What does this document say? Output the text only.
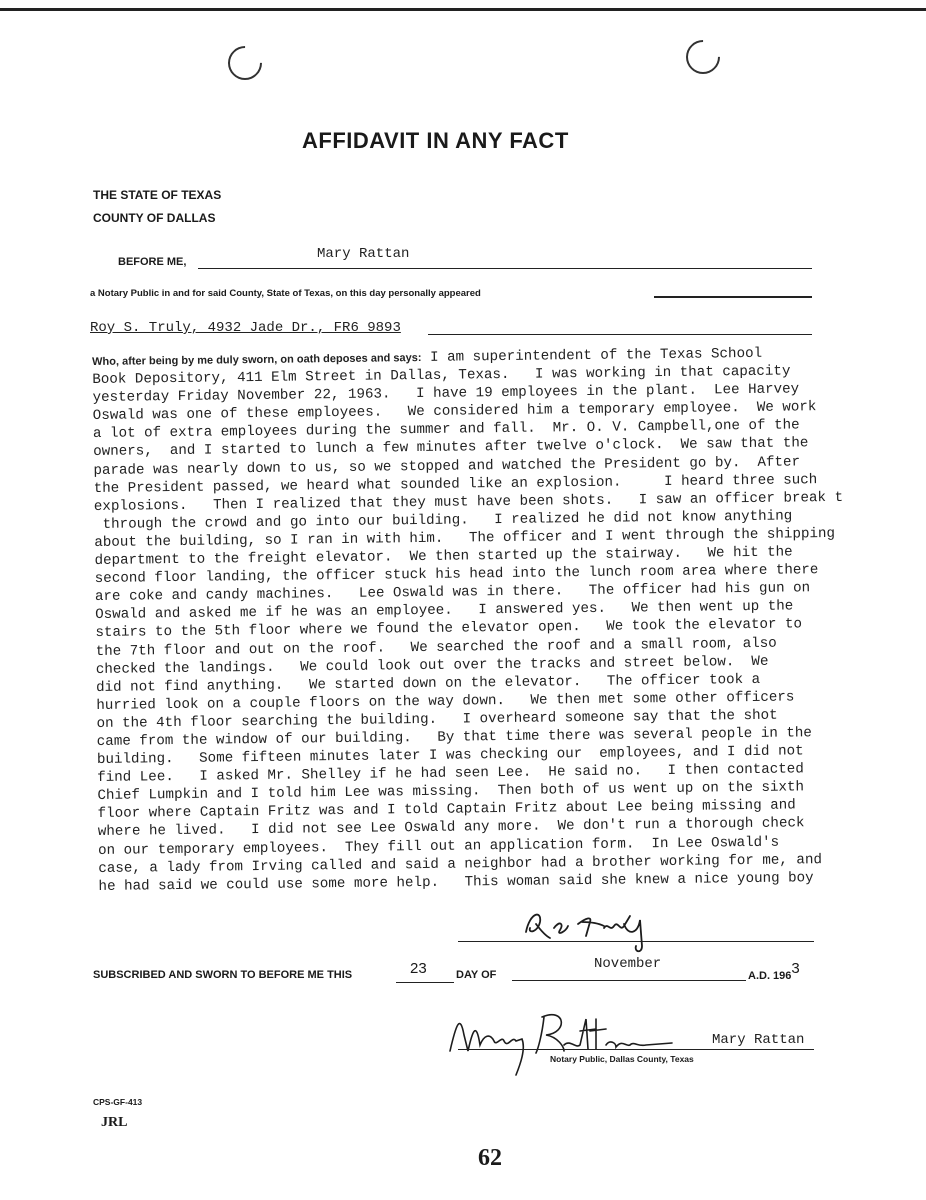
AFFIDAVIT IN ANY FACT
THE STATE OF TEXAS
COUNTY OF DALLAS
BEFORE ME,	Mary Rattan
a Notary Public in and for said County, State of Texas, on this day personally appeared
Roy S. Truly, 4932 Jade Dr., FR6 9893
Who, after being by me duly sworn, on oath deposes and says: I am superintendent of the Texas School
Book Depository, 411 Elm Street in Dallas, Texas.   I was working in that capacity
yesterday Friday November 22, 1963.   I have 19 employees in the plant.  Lee Harvey
Oswald was one of these employees.   We considered him a temporary employee.  We work
a lot of extra employees during the summer and fall.  Mr. O. V. Campbell,one of the
owners,  and I started to lunch a few minutes after twelve o'clock.  We saw that the
parade was nearly down to us, so we stopped and watched the President go by.  After
the President passed, we heard what sounded like an explosion.     I heard three such
explosions.   Then I realized that they must have been shots.   I saw an officer break t
through the crowd and go into our building.   I realized he did not know anything
about the building, so I ran in with him.   The officer and I went through the shipping
department to the freight elevator.  We then started up the stairway.   We hit the
second floor landing, the officer stuck his head into the lunch room area where there
are coke and candy machines.   Lee Oswald was in there.   The officer had his gun on
Oswald and asked me if he was an employee.   I answered yes.   We then went up the
stairs to the 5th floor where we found the elevator open.   We took the elevator to
the 7th floor and out on the roof.   We searched the roof and a small room, also
checked the landings.   We could look out over the tracks and street below.  We
did not find anything.   We started down on the elevator.   The officer took a
hurried look on a couple floors on the way down.   We then met some other officers
on the 4th floor searching the building.   I overheard someone say that the shot
came from the window of our building.   By that time there was several people in the
building.   Some fifteen minutes later I was checking our  employees, and I did not
find Lee.   I asked Mr. Shelley if he had seen Lee.  He said no.   I then contacted
Chief Lumpkin and I told him Lee was missing.  Then both of us went up on the sixth
floor where Captain Fritz was and I told Captain Fritz about Lee being missing and
where he lived.   I did not see Lee Oswald any more.  We don't run a thorough check
on our temporary employees.  They fill out an application form.  In Lee Oswald's
case, a lady from Irving called and said a neighbor had a brother working for me, and
he had said we could use some more help.   This woman said she knew a nice young boy
SUBSCRIBED AND SWORN TO BEFORE ME THIS	23	DAY OF
November
A.D. 1963
Mary Rattan
Notary Public, Dallas County, Texas
CPS-GF-413
JRL
62
